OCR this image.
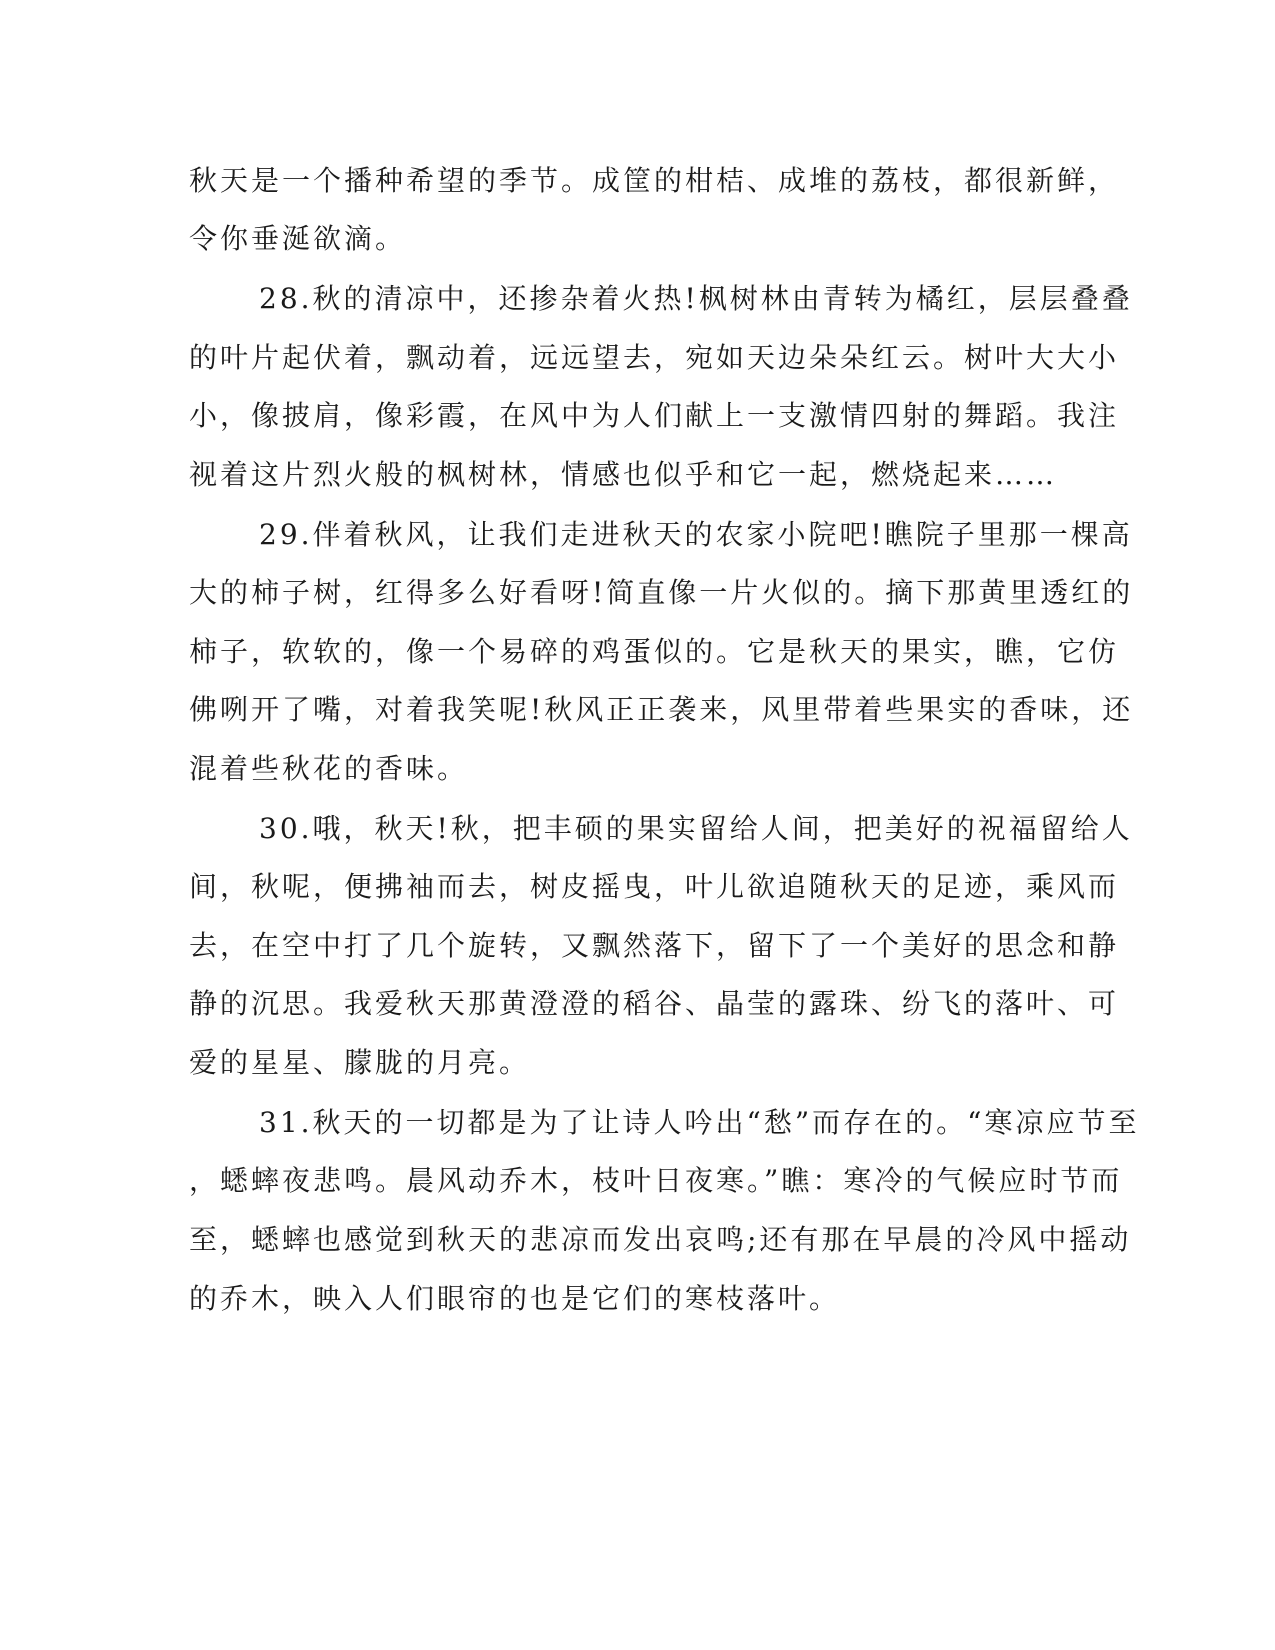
秋天是一个播种希望的季节。成筐的柑桔、成堆的荔枝，都很新鲜，
令你垂涎欲滴。
28.秋的清凉中，还掺杂着火热!枫树林由青转为橘红，层层叠叠
的叶片起伏着，飘动着，远远望去，宛如天边朵朵红云。树叶大大小
小，像披肩，像彩霞，在风中为人们献上一支激情四射的舞蹈。我注
视着这片烈火般的枫树林，情感也似乎和它一起，燃烧起来……
29.伴着秋风，让我们走进秋天的农家小院吧!瞧院子里那一棵高
大的柿子树，红得多么好看呀!简直像一片火似的。摘下那黄里透红的
柿子，软软的，像一个易碎的鸡蛋似的。它是秋天的果实，瞧，它仿
佛咧开了嘴，对着我笑呢!秋风正正袭来，风里带着些果实的香味，还
混着些秋花的香味。
30.哦，秋天!秋，把丰硕的果实留给人间，把美好的祝福留给人
间，秋呢，便拂袖而去，树皮摇曳，叶儿欲追随秋天的足迹，乘风而
去，在空中打了几个旋转，又飘然落下，留下了一个美好的思念和静
静的沉思。我爱秋天那黄澄澄的稻谷、晶莹的露珠、纷飞的落叶、可
爱的星星、朦胧的月亮。
31.秋天的一切都是为了让诗人吟出“愁”而存在的。“寒凉应节至
，蟋蟀夜悲鸣。晨风动乔木，枝叶日夜寒。”瞧：寒冷的气候应时节而
至，蟋蟀也感觉到秋天的悲凉而发出哀鸣;还有那在早晨的冷风中摇动
的乔木，映入人们眼帘的也是它们的寒枝落叶。
